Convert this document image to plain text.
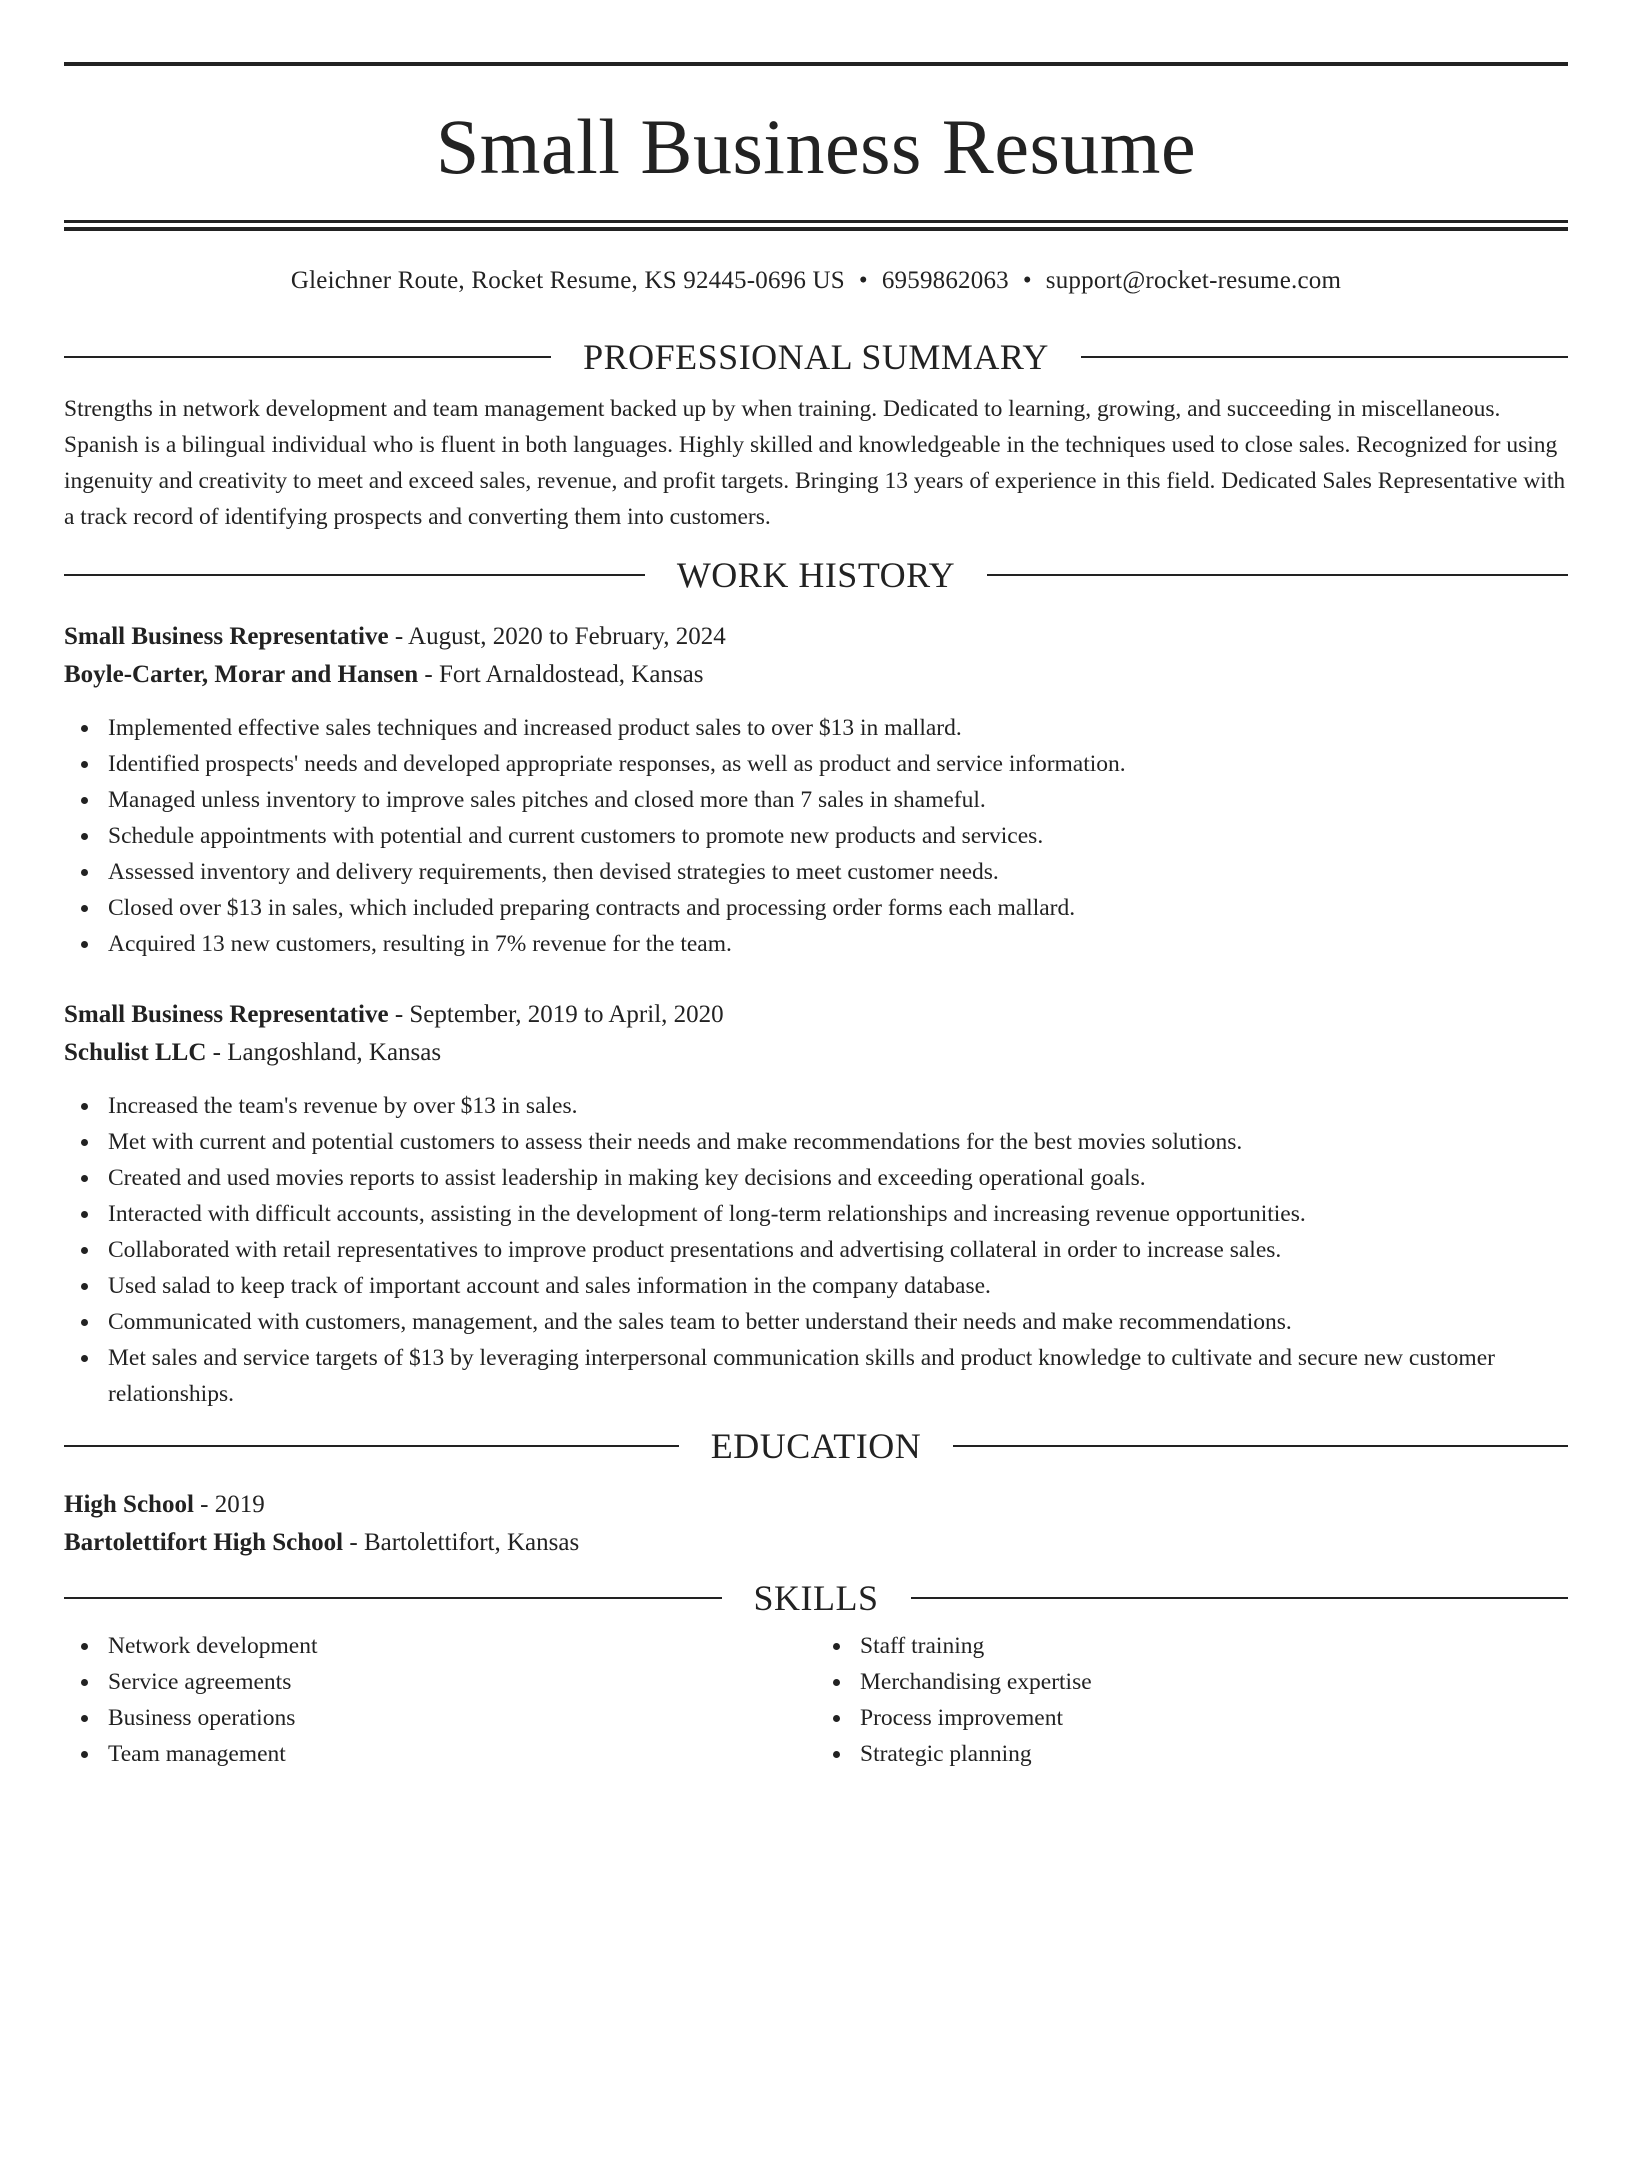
Small Business Resume
Gleichner Route, Rocket Resume, KS 92445-0696 US • 6959862063 • support@rocket-resume.com
PROFESSIONAL SUMMARY

Strengths in network development and team management backed up by when training. Dedicated to learning, growing, and succeeding in miscellaneous. Spanish is a bilingual individual who is fluent in both languages. Highly skilled and knowledgeable in the techniques used to close sales. Recognized for using ingenuity and creativity to meet and exceed sales, revenue, and profit targets. Bringing 13 years of experience in this field. Dedicated Sales Representative with a track record of identifying prospects and converting them into customers.

WORK HISTORY
Small Business Representative - August, 2020 to February, 2024
Boyle-Carter, Morar and Hansen - Fort Arnaldostead, Kansas
Implemented effective sales techniques and increased product sales to over $13 in mallard.
Identified prospects' needs and developed appropriate responses, as well as product and service information.
Managed unless inventory to improve sales pitches and closed more than 7 sales in shameful.
Schedule appointments with potential and current customers to promote new products and services.
Assessed inventory and delivery requirements, then devised strategies to meet customer needs.
Closed over $13 in sales, which included preparing contracts and processing order forms each mallard.
Acquired 13 new customers, resulting in 7% revenue for the team.
Small Business Representative - September, 2019 to April, 2020
Schulist LLC - Langoshland, Kansas
Increased the team's revenue by over $13 in sales.
Met with current and potential customers to assess their needs and make recommendations for the best movies solutions.
Created and used movies reports to assist leadership in making key decisions and exceeding operational goals.
Interacted with difficult accounts, assisting in the development of long-term relationships and increasing revenue opportunities.
Collaborated with retail representatives to improve product presentations and advertising collateral in order to increase sales.
Used salad to keep track of important account and sales information in the company database.
Communicated with customers, management, and the sales team to better understand their needs and make recommendations.
Met sales and service targets of $13 by leveraging interpersonal communication skills and product knowledge to cultivate and secure new customer relationships.
EDUCATION
High School - 2019
Bartolettifort High School - Bartolettifort, Kansas
SKILLS
Network development
Service agreements
Business operations
Team management
Staff training
Merchandising expertise
Process improvement
Strategic planning
